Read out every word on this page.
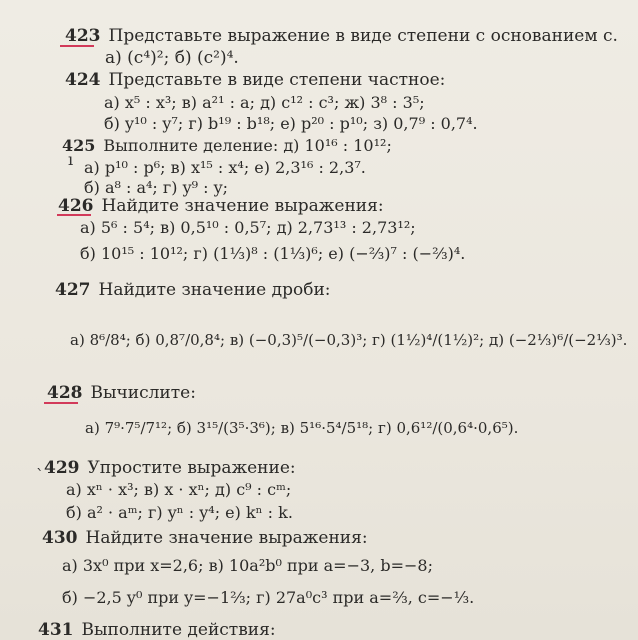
ı
ˋ
423 Представьте выражение в виде степени с основанием c.
а) (c⁴)²; б) (c²)⁴.
424 Представьте в виде степени частное:
а) x⁵ : x³; в) a²¹ : a; д) c¹² : c³; ж) 3⁸ : 3⁵;
б) y¹⁰ : y⁷; г) b¹⁹ : b¹⁸; е) p²⁰ : p¹⁰; з) 0,7⁹ : 0,7⁴.
425 Выполните деление: д) 10¹⁶ : 10¹²;
а) p¹⁰ : p⁶; в) x¹⁵ : x⁴; е) 2,3¹⁶ : 2,3⁷.
б) a⁸ : a⁴; г) y⁹ : y;
426 Найдите значение выражения:
а) 5⁶ : 5⁴; в) 0,5¹⁰ : 0,5⁷; д) 2,73¹³ : 2,73¹²;
б) 10¹⁵ : 10¹²; г) (1⅓)⁸ : (1⅓)⁶; е) (−⅔)⁷ : (−⅔)⁴.
427 Найдите значение дроби:
а) 8⁶/8⁴; б) 0,8⁷/0,8⁴; в) (−0,3)⁵/(−0,3)³; г) (1½)⁴/(1½)²; д) (−2⅓)⁶/(−2⅓)³.
428 Вычислите:
а) 7⁹·7⁵/7¹²; б) 3¹⁵/(3⁵·3⁶); в) 5¹⁶·5⁴/5¹⁸; г) 0,6¹²/(0,6⁴·0,6⁵).
429 Упростите выражение:
а) xⁿ · x³; в) x · xⁿ; д) c⁹ : cᵐ;
б) a² · aᵐ; г) yⁿ : y⁴; е) kⁿ : k.
430 Найдите значение выражения:
а) 3x⁰ при x=2,6; в) 10a²b⁰ при a=−3, b=−8;
б) −2,5 y⁰ при y=−1⅔; г) 27a⁰c³ при a=⅔, c=−⅓.
431 Выполните действия:
